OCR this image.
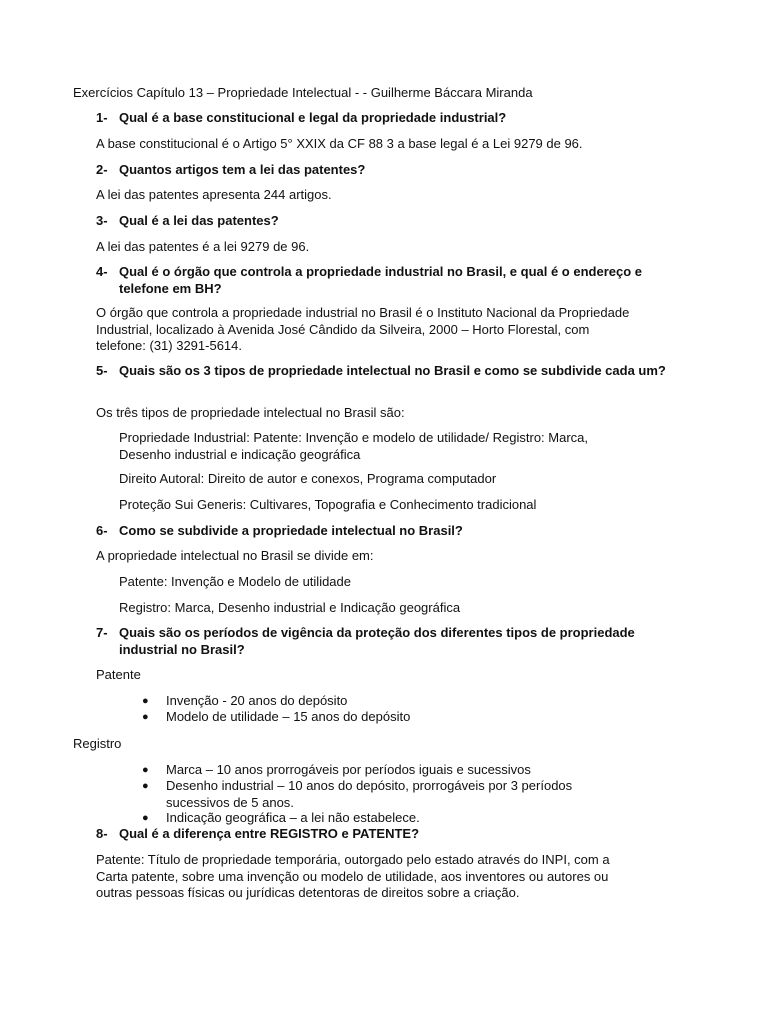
Exercícios Capítulo 13 – Propriedade Intelectual - - Guilherme Báccara Miranda
1- Qual é a base constitucional e legal da propriedade industrial?
A base constitucional é o Artigo 5° XXIX da CF 88 3 a base legal é a Lei 9279 de 96.
2- Quantos artigos tem a lei das patentes?
A lei das patentes apresenta 244 artigos.
3- Qual é a lei das patentes?
A lei das patentes é a lei 9279 de 96.
4- Qual é o órgão que controla a propriedade industrial no Brasil, e qual é o endereço e telefone em BH?
O órgão que controla a propriedade industrial no Brasil é o Instituto Nacional da Propriedade Industrial, localizado à Avenida José Cândido da Silveira, 2000 – Horto Florestal, com telefone: (31) 3291-5614.
5- Quais são os 3 tipos de propriedade intelectual no Brasil e como se subdivide cada um?
Os três tipos de propriedade intelectual no Brasil são:
Propriedade Industrial: Patente: Invenção e modelo de utilidade/ Registro: Marca, Desenho industrial e indicação geográfica
Direito Autoral: Direito de autor e conexos, Programa computador
Proteção Sui Generis: Cultivares, Topografia e Conhecimento tradicional
6- Como se subdivide a propriedade intelectual no Brasil?
A propriedade intelectual no Brasil se divide em:
Patente: Invenção e Modelo de utilidade
Registro: Marca, Desenho industrial e Indicação geográfica
7- Quais são os períodos de vigência da proteção dos diferentes tipos de propriedade industrial no Brasil?
Patente
● Invenção - 20 anos do depósito
● Modelo de utilidade – 15 anos do depósito
Registro
● Marca – 10 anos prorrogáveis por períodos iguais e sucessivos
● Desenho industrial – 10 anos do depósito, prorrogáveis por 3 períodos sucessivos de 5 anos.
● Indicação geográfica – a lei não estabelece.
8- Qual é a diferença entre REGISTRO e PATENTE?
Patente: Título de propriedade temporária, outorgado pelo estado através do INPI, com a Carta patente, sobre uma invenção ou modelo de utilidade, aos inventores ou autores ou outras pessoas físicas ou jurídicas detentoras de direitos sobre a criação.
